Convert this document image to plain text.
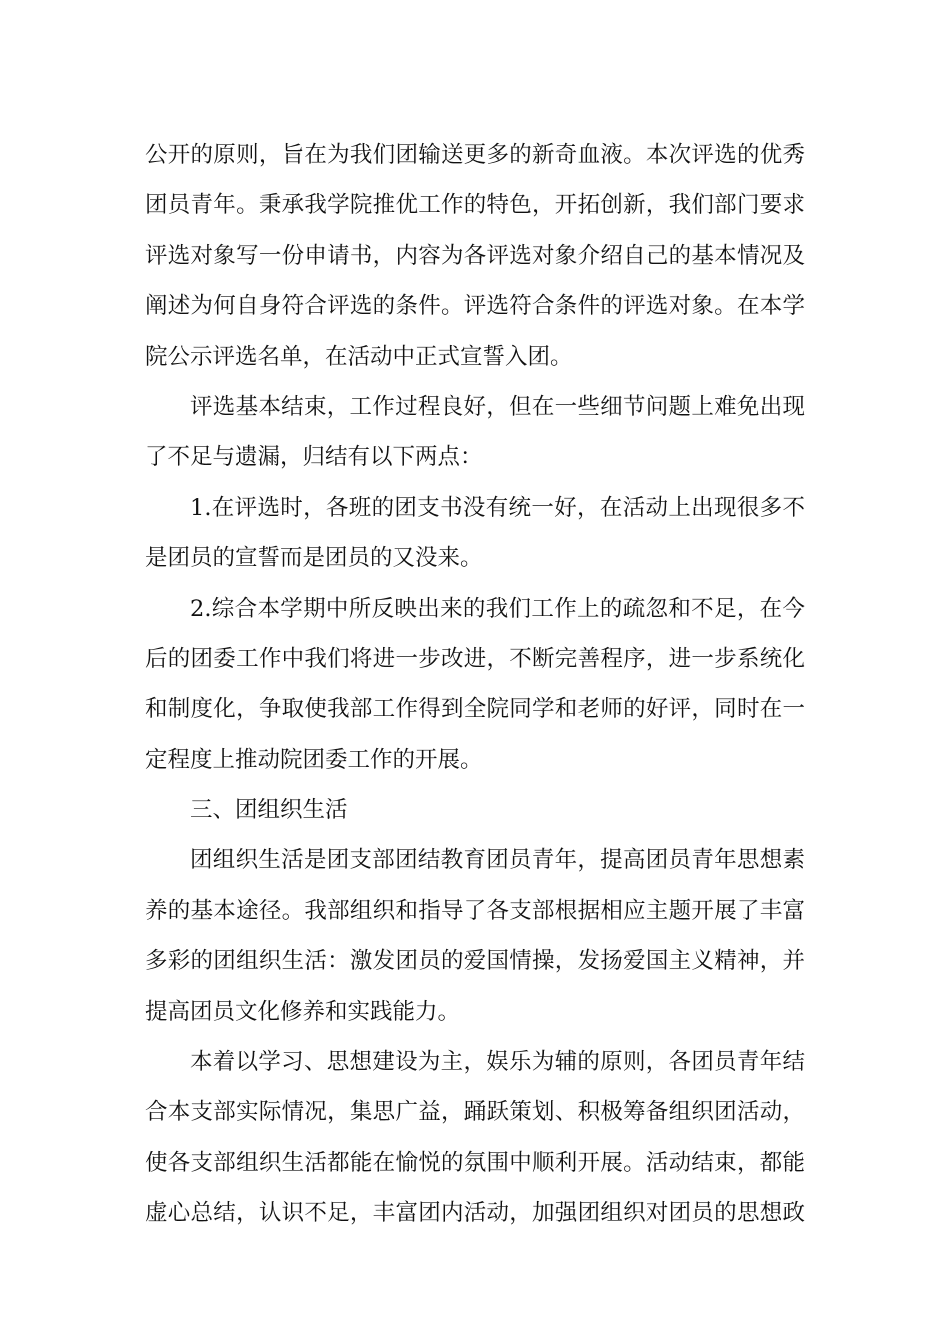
公开的原则，旨在为我们团输送更多的新奇血液。本次评选的优秀
团员青年。秉承我学院推优工作的特色，开拓创新，我们部门要求
评选对象写一份申请书，内容为各评选对象介绍自己的基本情况及
阐述为何自身符合评选的条件。评选符合条件的评选对象。在本学
院公示评选名单，在活动中正式宣誓入团。
评选基本结束，工作过程良好，但在一些细节问题上难免出现
了不足与遗漏，归结有以下两点：
1.在评选时，各班的团支书没有统一好，在活动上出现很多不
是团员的宣誓而是团员的又没来。
2.综合本学期中所反映出来的我们工作上的疏忽和不足，在今
后的团委工作中我们将进一步改进，不断完善程序，进一步系统化
和制度化，争取使我部工作得到全院同学和老师的好评，同时在一
定程度上推动院团委工作的开展。
三、团组织生活
团组织生活是团支部团结教育团员青年，提高团员青年思想素
养的基本途径。我部组织和指导了各支部根据相应主题开展了丰富
多彩的团组织生活：激发团员的爱国情操，发扬爱国主义精神，并
提高团员文化修养和实践能力。
本着以学习、思想建设为主，娱乐为辅的原则，各团员青年结
合本支部实际情况，集思广益，踊跃策划、积极筹备组织团活动，
使各支部组织生活都能在愉悦的氛围中顺利开展。活动结束，都能
虚心总结，认识不足，丰富团内活动，加强团组织对团员的思想政
